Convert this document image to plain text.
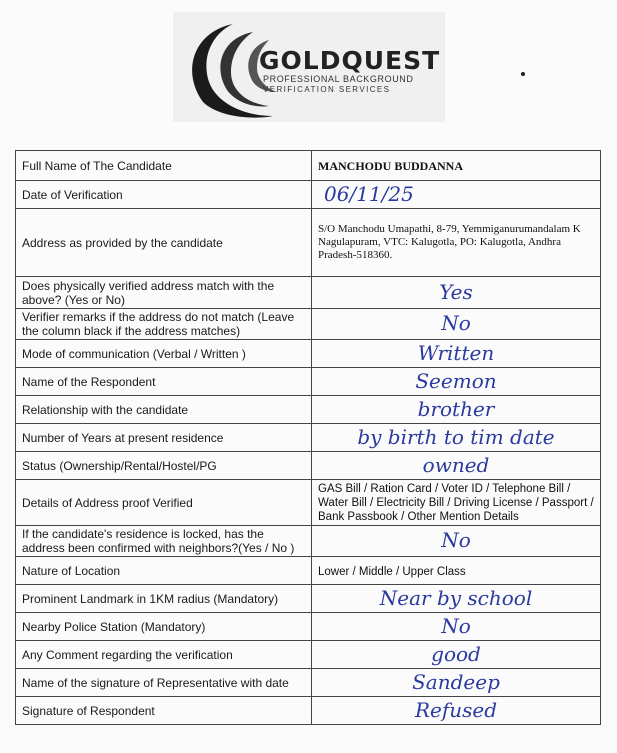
GOLDQUEST
PROFESSIONAL BACKGROUND
VERIFICATION SERVICES
Full Name of The Candidate	MANCHODU BUDDANNA
Date of Verification	06/11/25
Address as provided by the candidate	S/O Manchodu Umapathi, 8-79, Yemmiganurumandalam K Nagulapuram, VTC: Kalugotla, PO: Kalugotla, Andhra Pradesh-518360.

Does physically verified address match with the above? (Yes or No)	Yes
Verifier remarks if the address do not match (Leave the column black if the address matches)	No
Mode of communication (Verbal / Written )	Written
Name of the Respondent	Seemon
Relationship with the candidate	brother
Number of Years at present residence	by birth to tim date
Status (Ownership/Rental/Hostel/PG	owned
Details of Address proof Verified	GAS Bill / Ration Card / Voter ID / Telephone Bill / Water Bill / Electricity Bill / Driving License / Passport / Bank Passbook / Other Mention Details

If the candidate's residence is locked, has the address been confirmed with neighbors?(Yes / No )	No
Nature of Location	Lower / Middle / Upper Class
Prominent Landmark in 1KM radius (Mandatory)	Near by school
Nearby Police Station (Mandatory)	No
Any Comment regarding the verification	good
Name of the signature of Representative with date	Sandeep
Signature of Respondent	Refused
